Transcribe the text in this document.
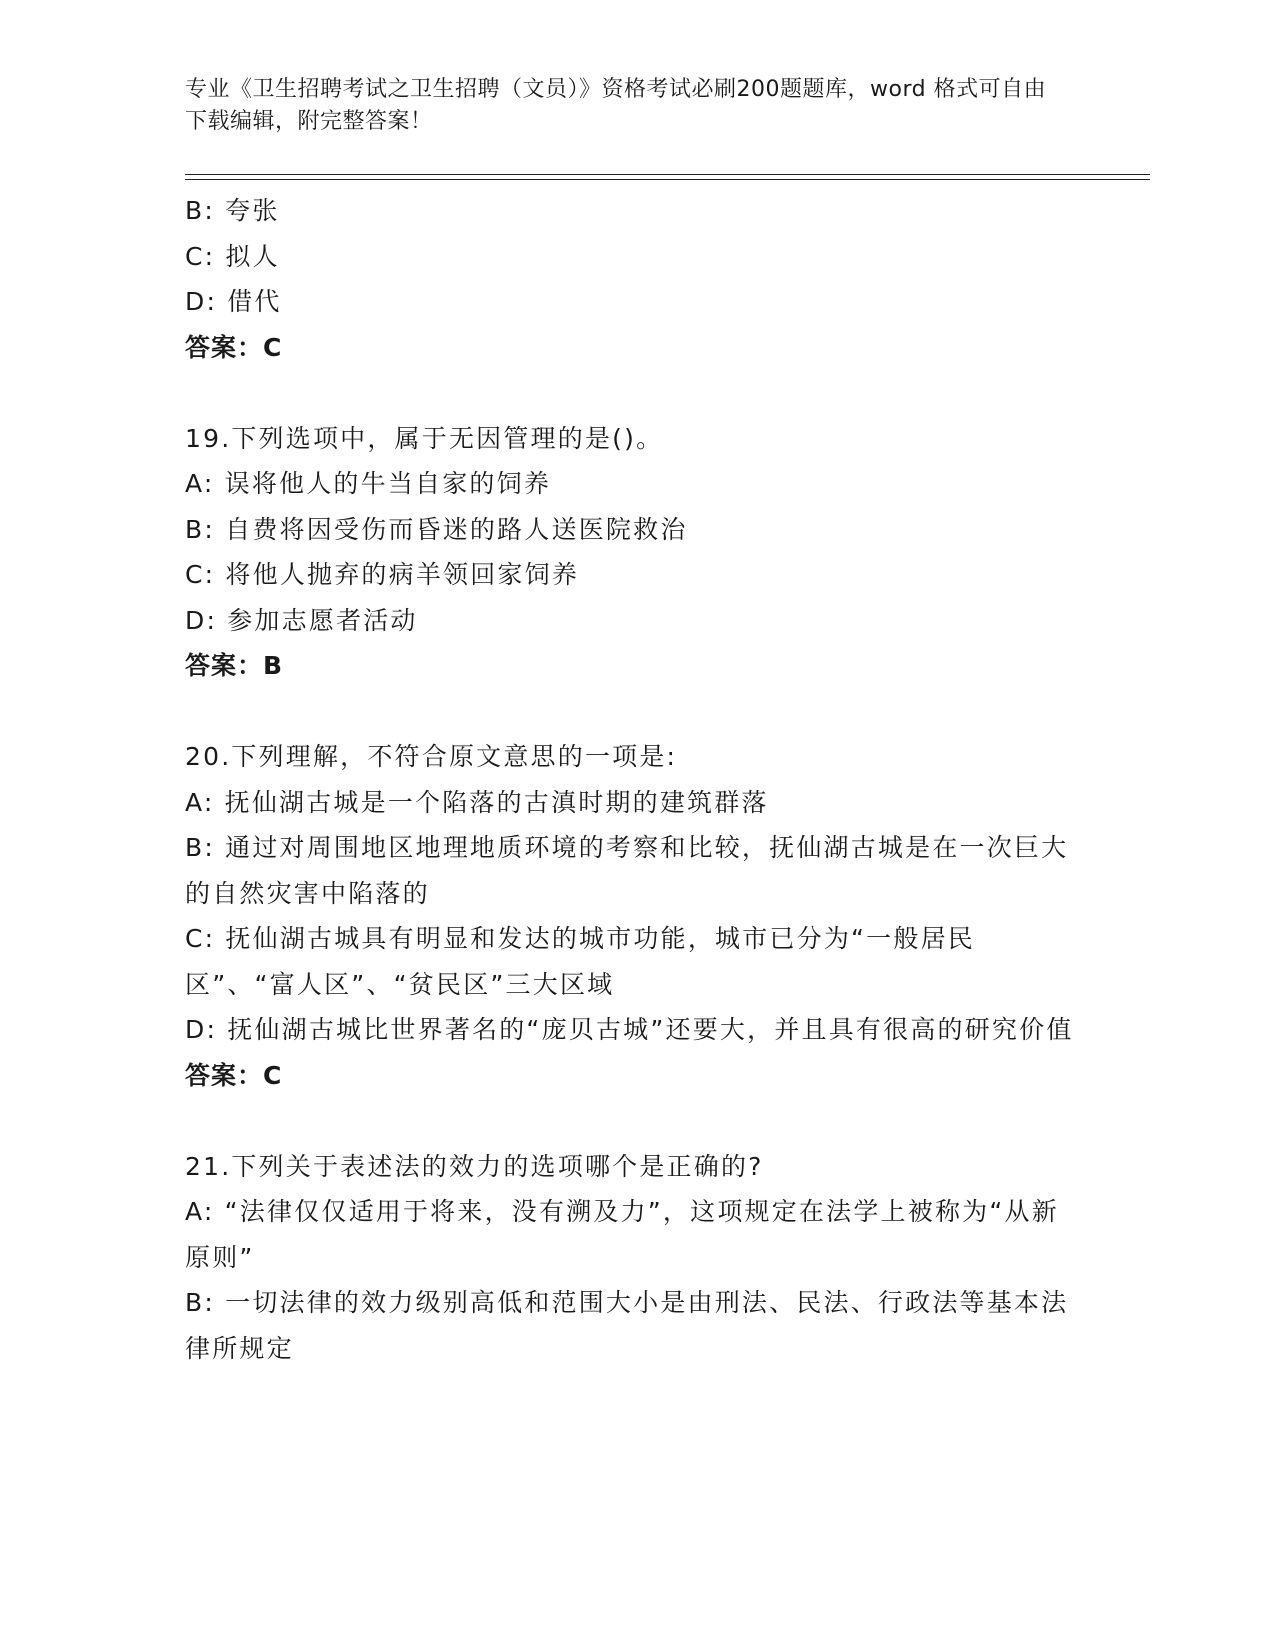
专业《卫生招聘考试之卫生招聘（文员）》资格考试必刷200题题库，word 格式可自由下载编辑，附完整答案！
B: 夸张
C: 拟人
D: 借代
答案：C
19.下列选项中，属于无因管理的是()。
A: 误将他人的牛当自家的饲养
B: 自费将因受伤而昏迷的路人送医院救治
C: 将他人抛弃的病羊领回家饲养
D: 参加志愿者活动
答案：B
20.下列理解，不符合原文意思的一项是:
A: 抚仙湖古城是一个陷落的古滇时期的建筑群落
B: 通过对周围地区地理地质环境的考察和比较，抚仙湖古城是在一次巨大的自然灾害中陷落的
C: 抚仙湖古城具有明显和发达的城市功能，城市已分为“一般居民区”、“富人区”、“贫民区”三大区域
D: 抚仙湖古城比世界著名的“庞贝古城”还要大，并且具有很高的研究价值
答案：C
21.下列关于表述法的效力的选项哪个是正确的?
A: “法律仅仅适用于将来，没有溯及力”，这项规定在法学上被称为“从新原则”
B: 一切法律的效力级别高低和范围大小是由刑法、民法、行政法等基本法律所规定
